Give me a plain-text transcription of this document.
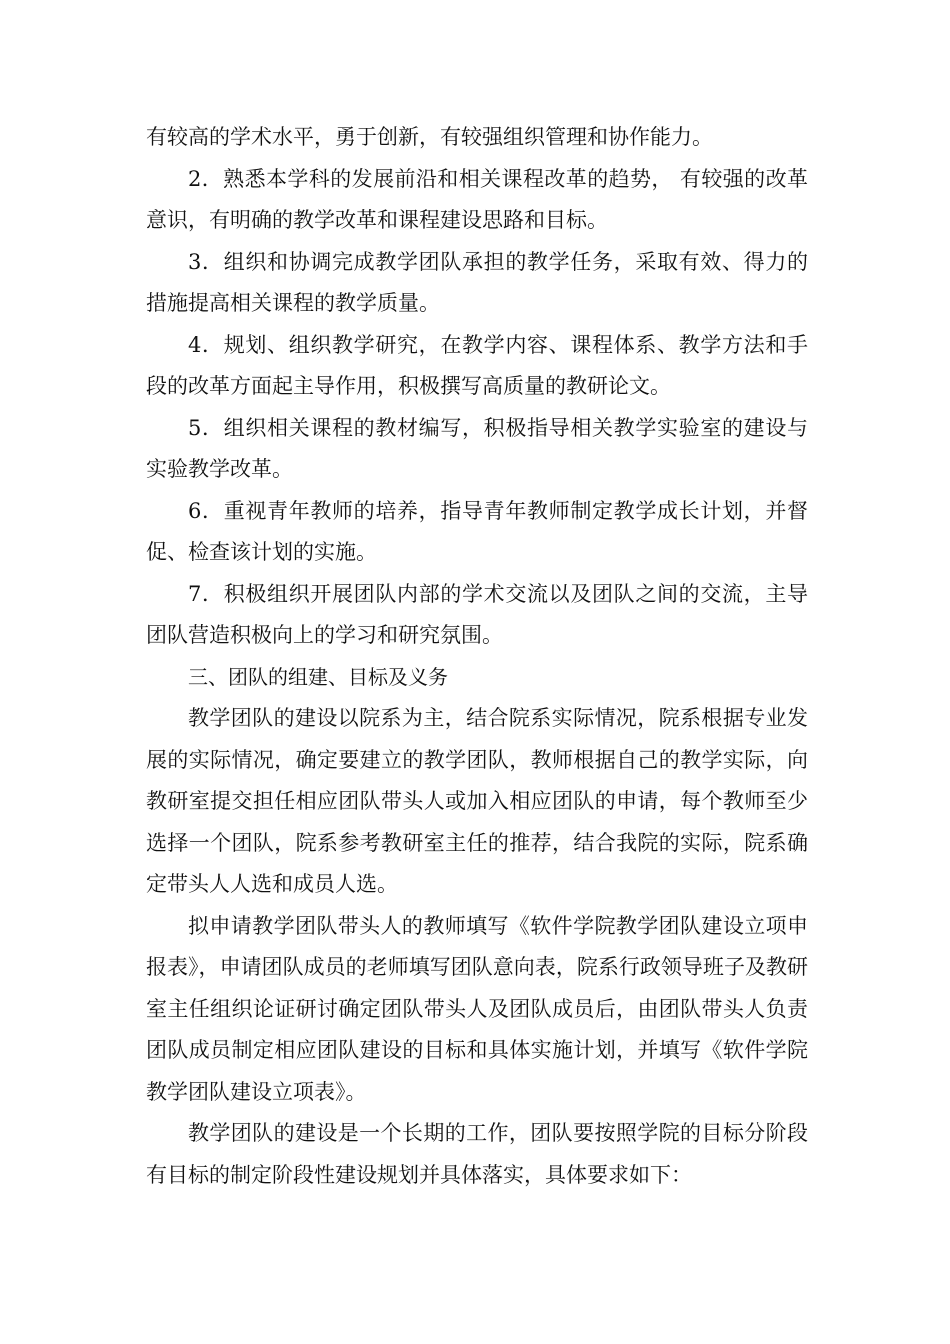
有较高的学术水平，勇于创新，有较强组织管理和协作能力。

2．熟悉本学科的发展前沿和相关课程改革的趋势， 有较强的改革意识，有明确的教学改革和课程建设思路和目标。

3．组织和协调完成教学团队承担的教学任务，采取有效、得力的措施提高相关课程的教学质量。

4．规划、组织教学研究，在教学内容、课程体系、教学方法和手段的改革方面起主导作用，积极撰写高质量的教研论文。

5．组织相关课程的教材编写，积极指导相关教学实验室的建设与实验教学改革。

6．重视青年教师的培养，指导青年教师制定教学成长计划，并督促、检查该计划的实施。

7．积极组织开展团队内部的学术交流以及团队之间的交流，主导团队营造积极向上的学习和研究氛围。

三、团队的组建、目标及义务

教学团队的建设以院系为主，结合院系实际情况，院系根据专业发展的实际情况，确定要建立的教学团队，教师根据自己的教学实际，向教研室提交担任相应团队带头人或加入相应团队的申请，每个教师至少选择一个团队，院系参考教研室主任的推荐，结合我院的实际，院系确定带头人人选和成员人选。

拟申请教学团队带头人的教师填写《软件学院教学团队建设立项申报表》，申请团队成员的老师填写团队意向表，院系行政领导班子及教研室主任组织论证研讨确定团队带头人及团队成员后，由团队带头人负责团队成员制定相应团队建设的目标和具体实施计划，并填写《软件学院教学团队建设立项表》。

教学团队的建设是一个长期的工作，团队要按照学院的目标分阶段有目标的制定阶段性建设规划并具体落实，具体要求如下：
